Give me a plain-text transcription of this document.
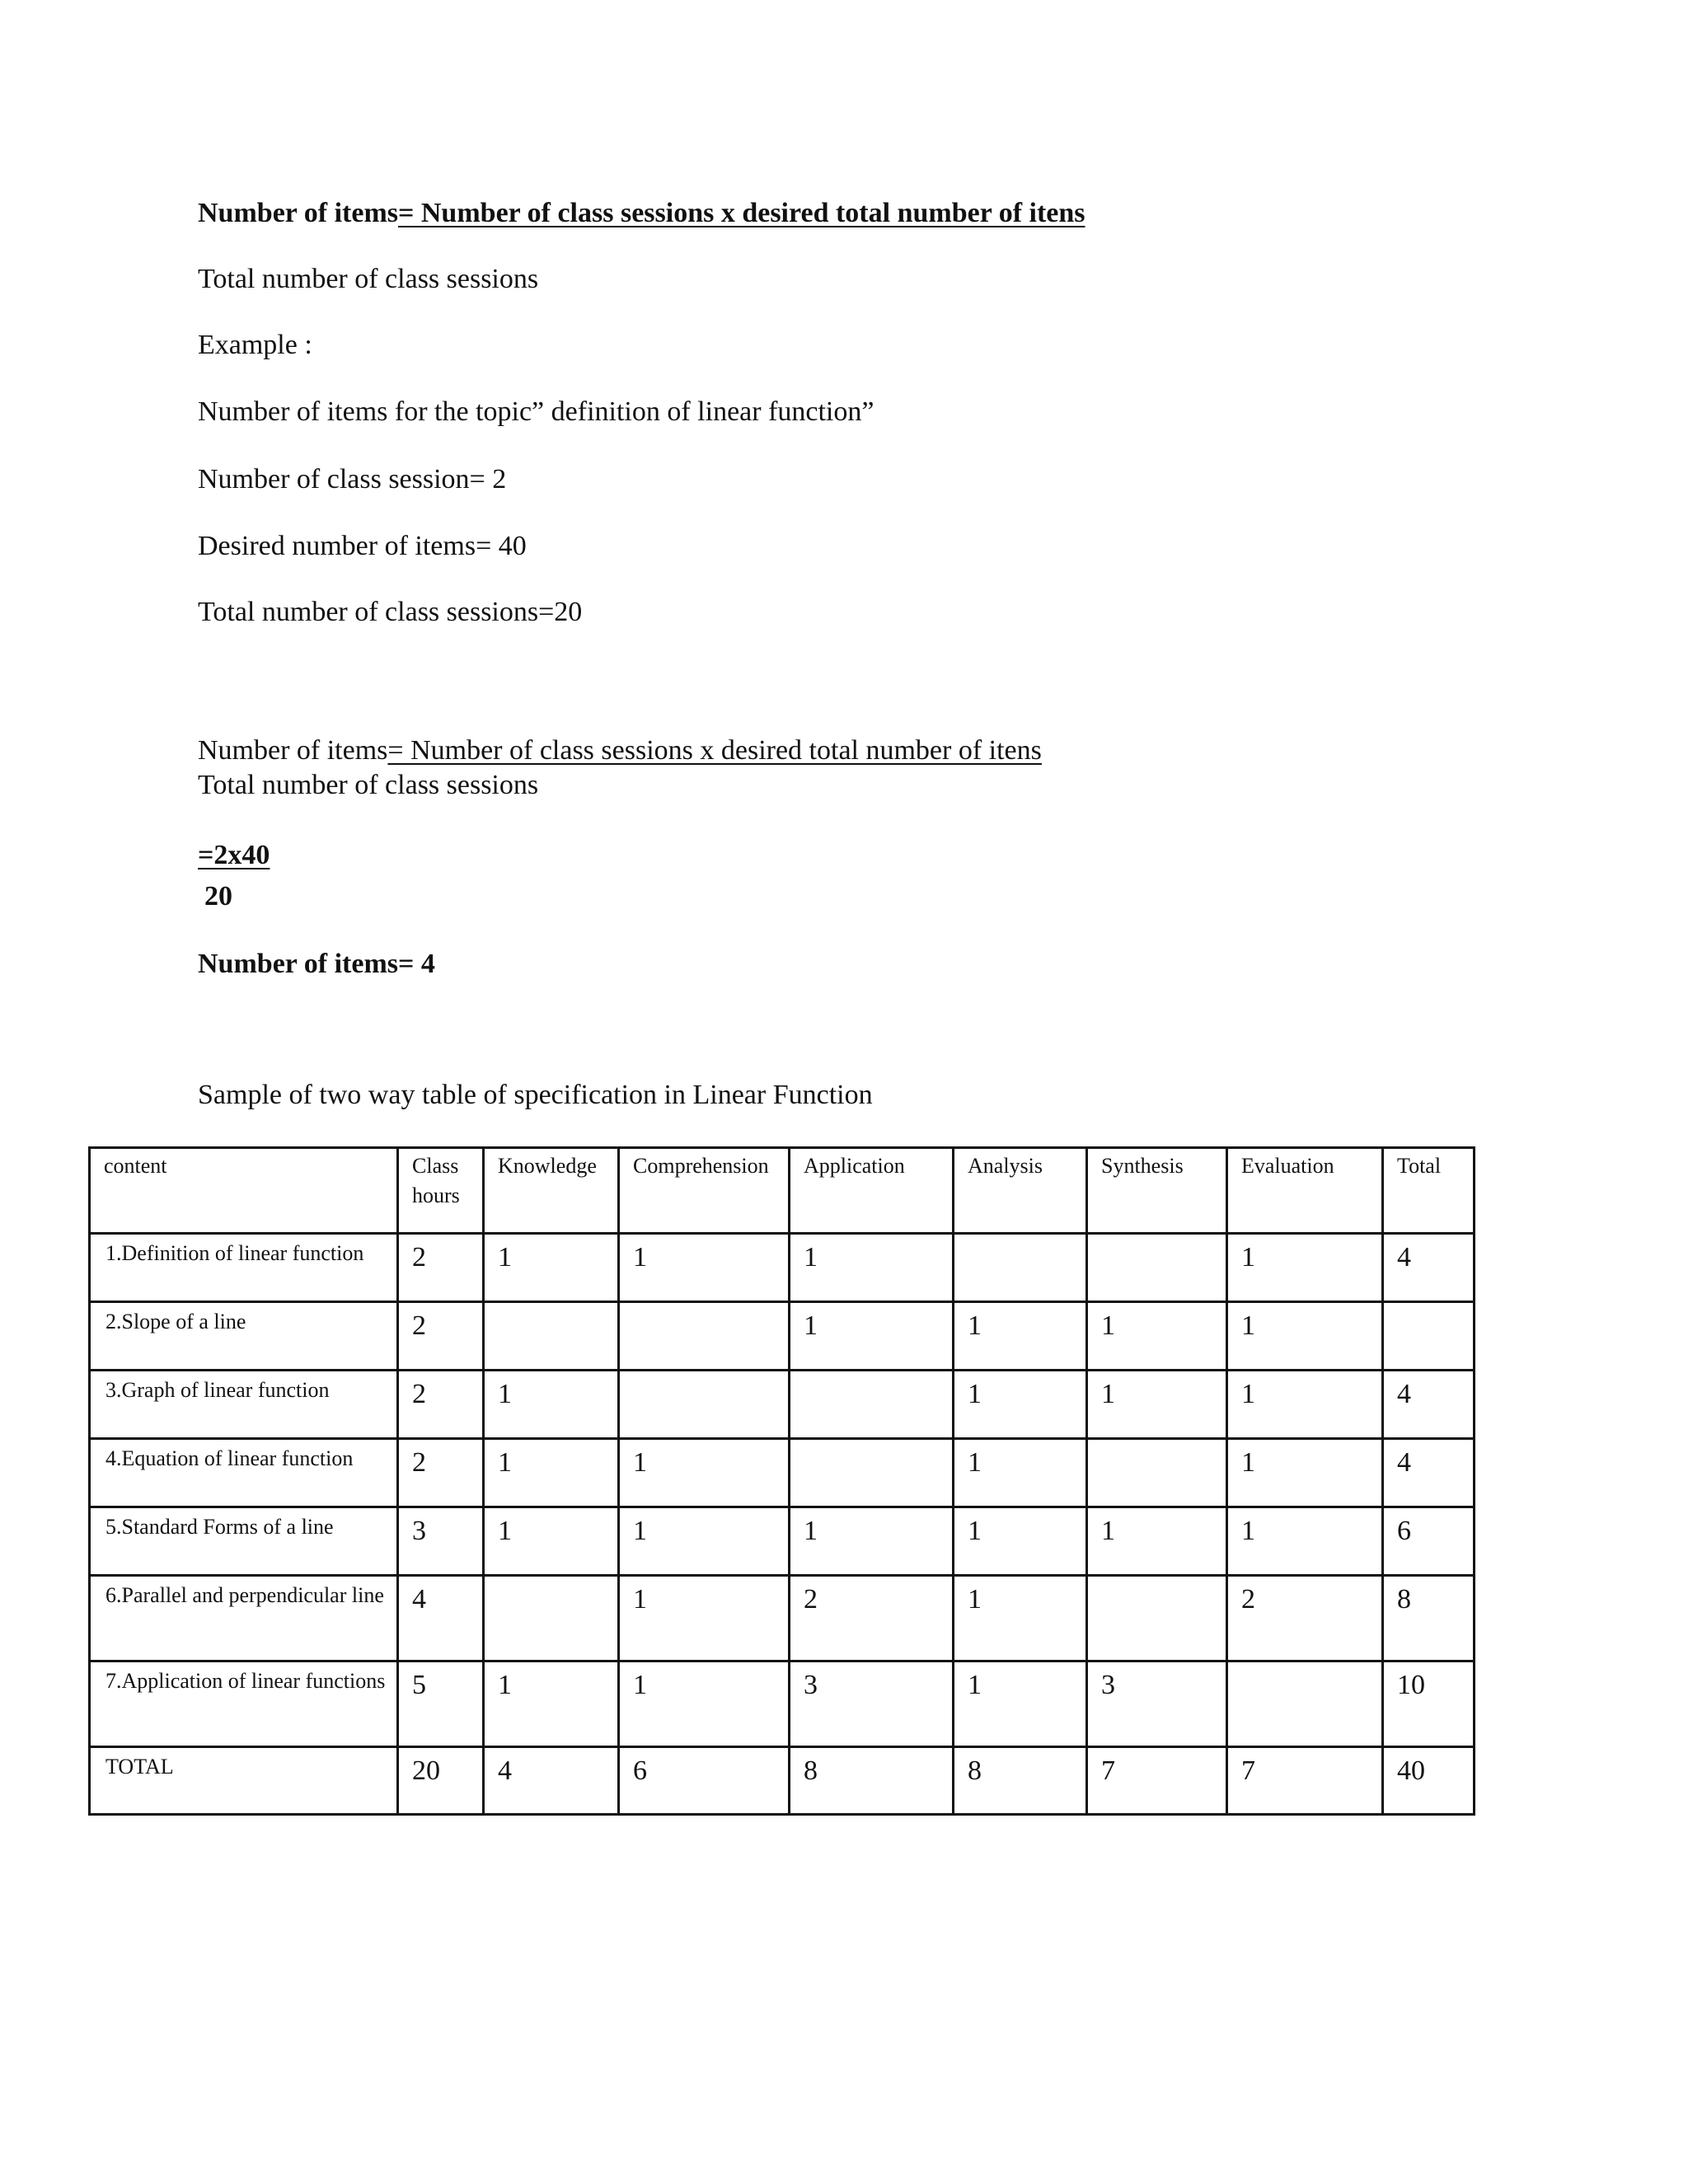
Number of items= Number of class sessions x desired total number of itens

Total number of class sessions

Example :

Number of items for the topic” definition of linear function”

Number of class session= 2

Desired number of items= 40

Total number of class sessions=20

Number of items= Number of class sessions x desired total number of itens

Total number of class sessions

=2x40

20

Number of items= 4

Sample of two way table of specification in Linear Function

content	Class hours	Knowledge	Comprehension	Application	Analysis	Synthesis	Evaluation	Total
1.Definition of linear function	2	1	1	1			1	4
2.Slope of a line	2			1	1	1	1	
3.Graph of linear function	2	1			1	1	1	4
4.Equation of linear function	2	1	1		1		1	4
5.Standard Forms of a line	3	1	1	1	1	1	1	6
6.Parallel and perpendicular line	4		1	2	1		2	8
7.Application of linear functions	5	1	1	3	1	3		10
TOTAL	20	4	6	8	8	7	7	40
